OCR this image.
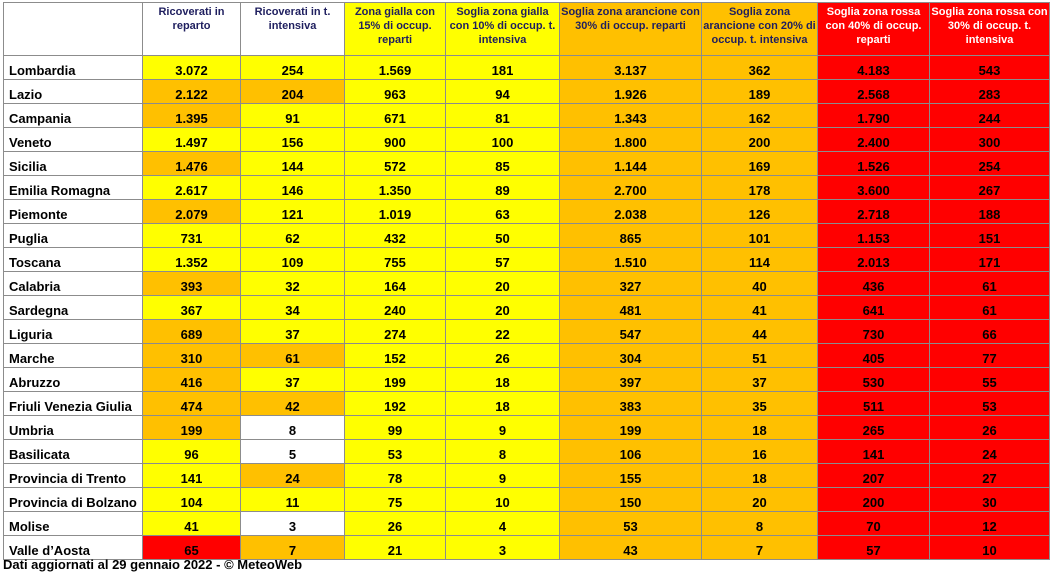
	Ricoverati in reparto	Ricoverati in t. intensiva	Zona gialla con 15% di occup. reparti	Soglia zona gialla con 10% di occup. t. intensiva	Soglia zona arancione con 30% di occup. reparti	Soglia zona arancione con 20% di occup. t. intensiva	Soglia zona rossa con 40% di occup. reparti	Soglia zona rossa con 30% di occup. t. intensiva
Lombardia	3.072	254	1.569	181	3.137	362	4.183	543
Lazio	2.122	204	963	94	1.926	189	2.568	283
Campania	1.395	91	671	81	1.343	162	1.790	244
Veneto	1.497	156	900	100	1.800	200	2.400	300
Sicilia	1.476	144	572	85	1.144	169	1.526	254
Emilia Romagna	2.617	146	1.350	89	2.700	178	3.600	267
Piemonte	2.079	121	1.019	63	2.038	126	2.718	188
Puglia	731	62	432	50	865	101	1.153	151
Toscana	1.352	109	755	57	1.510	114	2.013	171
Calabria	393	32	164	20	327	40	436	61
Sardegna	367	34	240	20	481	41	641	61
Liguria	689	37	274	22	547	44	730	66
Marche	310	61	152	26	304	51	405	77
Abruzzo	416	37	199	18	397	37	530	55
Friuli Venezia Giulia	474	42	192	18	383	35	511	53
Umbria	199	8	99	9	199	18	265	26
Basilicata	96	5	53	8	106	16	141	24
Provincia di Trento	141	24	78	9	155	18	207	27
Provincia di Bolzano	104	11	75	10	150	20	200	30
Molise	41	3	26	4	53	8	70	12
Valle d’Aosta	65	7	21	3	43	7	57	10
Dati aggiornati al 29 gennaio 2022 - © MeteoWeb
